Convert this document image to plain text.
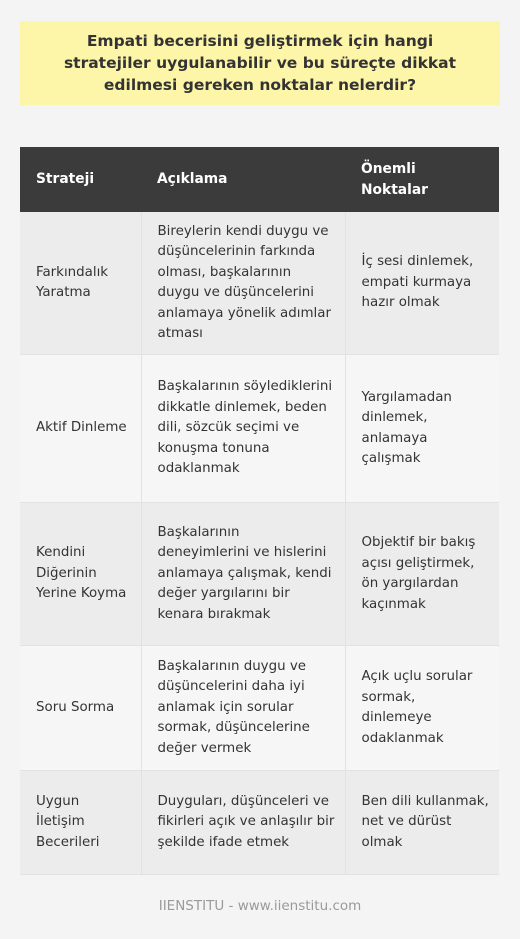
Empati becerisini geliştirmek için hangi stratejiler uygulanabilir ve bu süreçte dikkat edilmesi gereken noktalar nelerdir?
Strateji	Açıklama	Önemli Noktalar
Farkındalık Yaratma	Bireylerin kendi duygu ve düşüncelerinin farkında olması, başkalarının duygu ve düşüncelerini anlamaya yönelik adımlar atması	İç sesi dinlemek, empati kurmaya hazır olmak
Aktif Dinleme	Başkalarının söylediklerini dikkatle dinlemek, beden dili, sözcük seçimi ve konuşma tonuna odaklanmak	Yargılamadan dinlemek, anlamaya çalışmak
Kendini Diğerinin Yerine Koyma	Başkalarının deneyimlerini ve hislerini anlamaya çalışmak, kendi değer yargılarını bir kenara bırakmak	Objektif bir bakış açısı geliştirmek, ön yargılardan kaçınmak
Soru Sorma	Başkalarının duygu ve düşüncelerini daha iyi anlamak için sorular sormak, düşüncelerine değer vermek	Açık uçlu sorular sormak, dinlemeye odaklanmak
Uygun İletişim Becerileri	Duyguları, düşünceleri ve fikirleri açık ve anlaşılır bir şekilde ifade etmek	Ben dili kullanmak, net ve dürüst olmak
IIENSTITU - www.iienstitu.com
